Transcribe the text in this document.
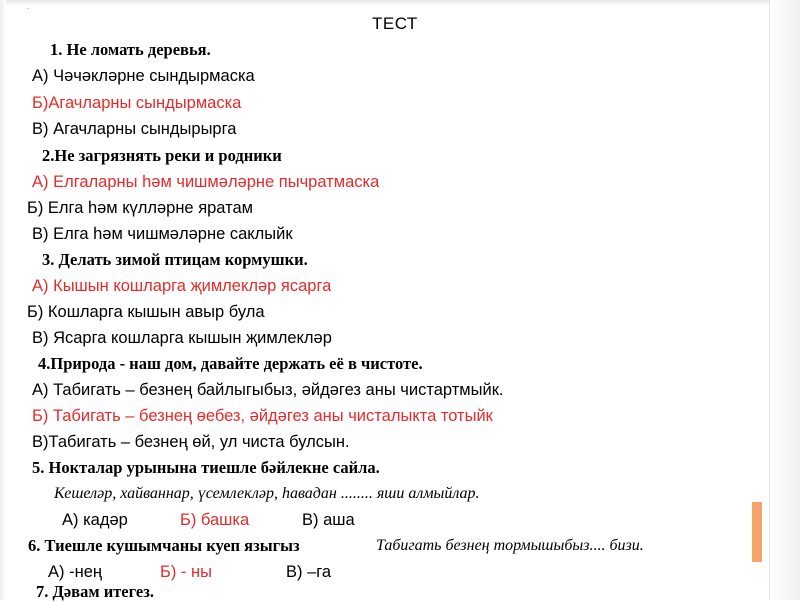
·
ТЕСТ
1. Не ломать деревья.
А) Чәчәкләрне сындырмаска
Б)Агачларны сындырмаска
В) Агачларны сындырырга
2.Не загрязнять реки и родники
А) Елгаларны һәм чишмәләрне пычратмаска
Б) Елга һәм күлләрне яратам
В) Елга һәм чишмәләрне саклыйк
3. Делать зимой птицам кормушки.
А) Кышын кошларга җимлекләр ясарга
Б) Кошларга кышын авыр була
В) Ясарга кошларга кышын җимлекләр
4.Природа - наш дом, давайте держать её в чистоте.
А) Табигать – безнең байлыгыбыз, әйдәгез аны чистартмыйк.
Б) Табигать – безнең өебез, әйдәгез аны чисталыкта тотыйк
В)Табигать – безнең өй, ул чиста булсын.
5. Нокталар урынына тиешле бәйлекне сайла.
Кешеләр, хайваннар, үсемлекләр, һавадан ........ яши алмыйлар.
А) кадәр	Б) башка	В) аша
6. Тиешле кушымчаны куеп языгыз	Табигать безнең тормышыбыз.... бизи.
А) -нең	Б) - ны	В) –га
7. Дәвам итегез.
